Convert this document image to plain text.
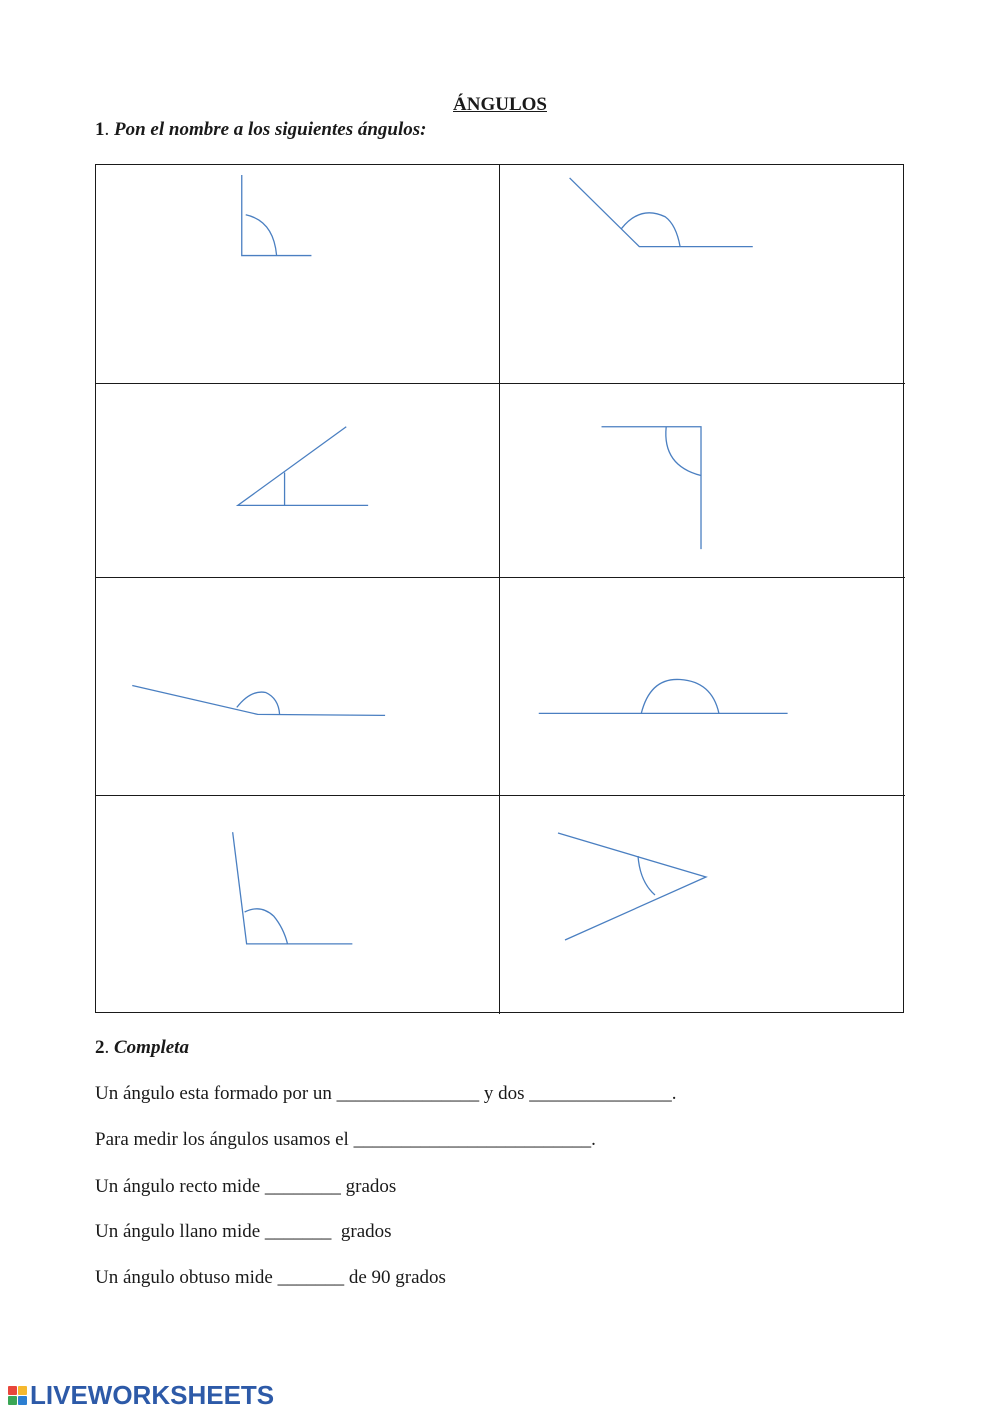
ÁNGULOS
1. Pon el nombre a los siguientes ángulos:
2. Completa
Un ángulo esta formado por un _______________ y dos _______________.
Para medir los ángulos usamos el _________________________.
Un ángulo recto mide ________ grados
Un ángulo llano mide _______  grados
Un ángulo obtuso mide _______ de 90 grados
LIVEWORKSHEETS
